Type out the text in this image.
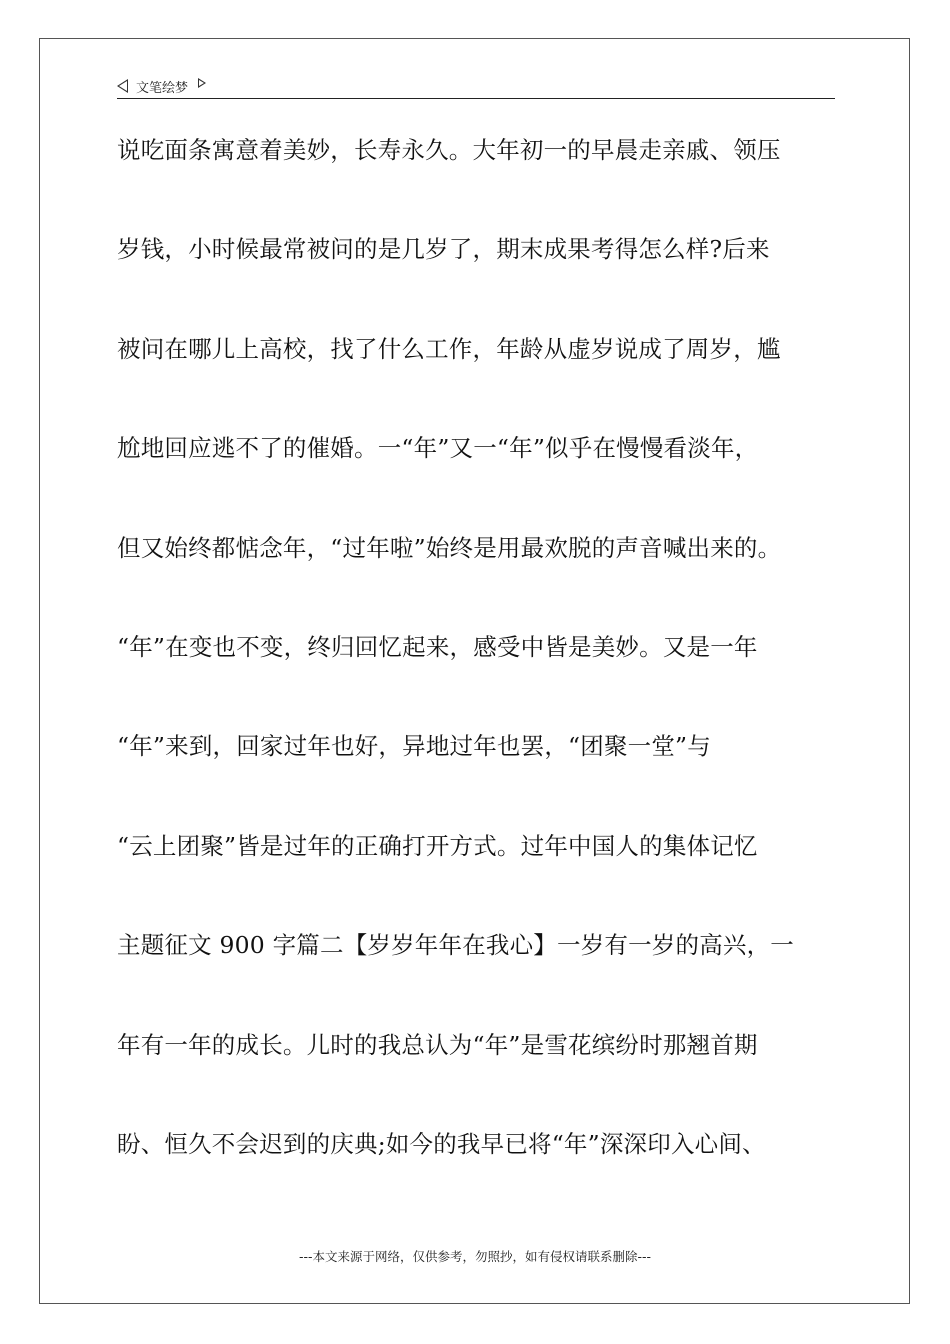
文笔绘梦
说吃面条寓意着美妙，长寿永久。大年初一的早晨走亲戚、领压
岁钱，小时候最常被问的是几岁了，期末成果考得怎么样?后来
被问在哪儿上高校，找了什么工作，年龄从虚岁说成了周岁，尴
尬地回应逃不了的催婚。一“年”又一“年”似乎在慢慢看淡年，
但又始终都惦念年，“过年啦”始终是用最欢脱的声音喊出来的。
“年”在变也不变，终归回忆起来，感受中皆是美妙。又是一年
“年”来到，回家过年也好，异地过年也罢，“团聚一堂”与
“云上团聚”皆是过年的正确打开方式。过年中国人的集体记忆
主题征文 900 字篇二【岁岁年年在我心】一岁有一岁的高兴，一
年有一年的成长。儿时的我总认为“年”是雪花缤纷时那翘首期
盼、恒久不会迟到的庆典;如今的我早已将“年”深深印入心间、
---本文来源于网络，仅供参考，勿照抄，如有侵权请联系删除---
